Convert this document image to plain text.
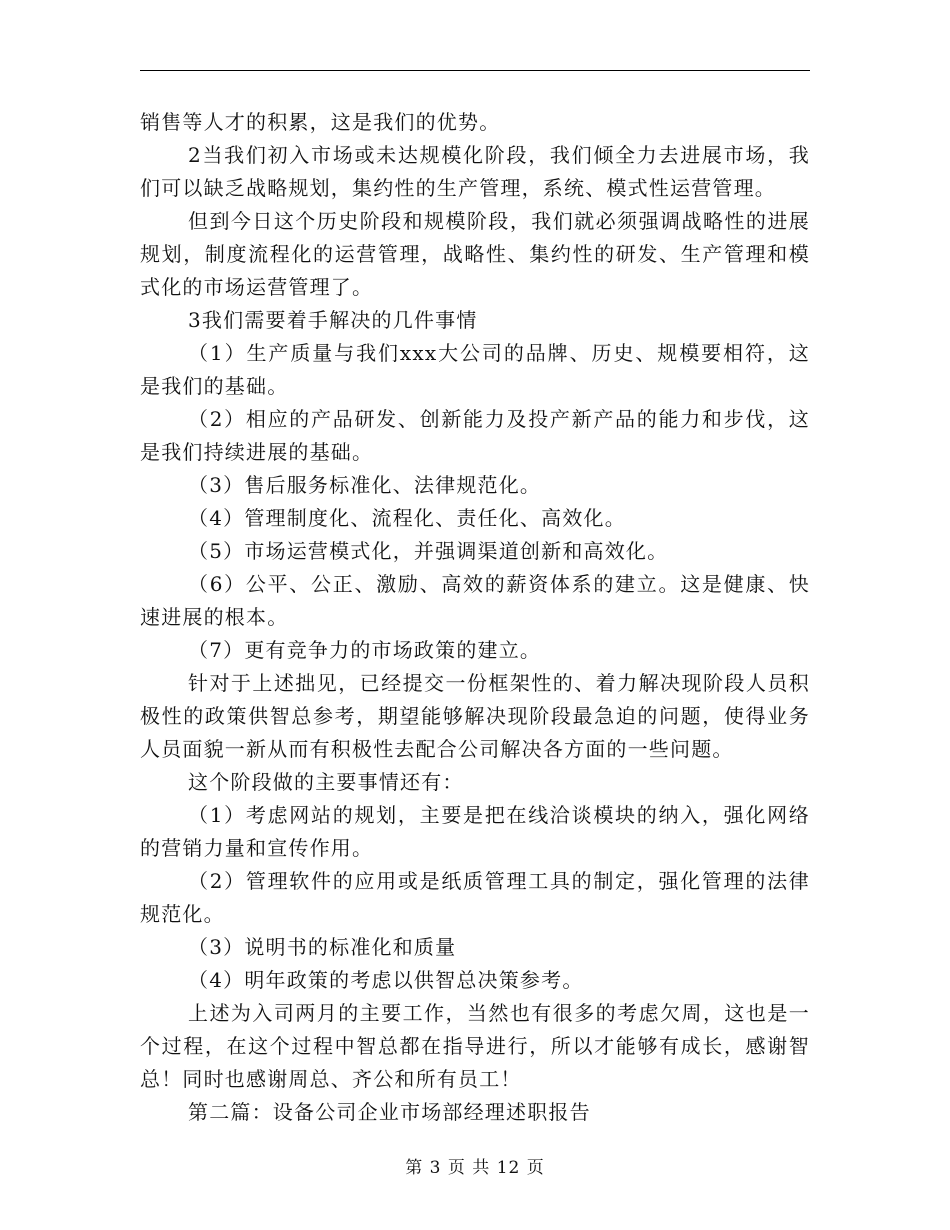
销售等人才的积累，这是我们的优势。

2当我们初入市场或未达规模化阶段，我们倾全力去进展市场，我们可以缺乏战略规划，集约性的生产管理，系统、模式性运营管理。

但到今日这个历史阶段和规模阶段，我们就必须强调战略性的进展规划，制度流程化的运营管理，战略性、集约性的研发、生产管理和模式化的市场运营管理了。

3我们需要着手解决的几件事情

（1）生产质量与我们xxx大公司的品牌、历史、规模要相符，这是我们的基础。

（2）相应的产品研发、创新能力及投产新产品的能力和步伐，这是我们持续进展的基础。

（3）售后服务标准化、法律规范化。

（4）管理制度化、流程化、责任化、高效化。

（5）市场运营模式化，并强调渠道创新和高效化。

（6）公平、公正、激励、高效的薪资体系的建立。这是健康、快速进展的根本。

（7）更有竞争力的市场政策的建立。

针对于上述拙见，已经提交一份框架性的、着力解决现阶段人员积极性的政策供智总参考，期望能够解决现阶段最急迫的问题，使得业务人员面貌一新从而有积极性去配合公司解决各方面的一些问题。

这个阶段做的主要事情还有：

（1）考虑网站的规划，主要是把在线洽谈模块的纳入，强化网络的营销力量和宣传作用。

（2）管理软件的应用或是纸质管理工具的制定，强化管理的法律规范化。

（3）说明书的标准化和质量

（4）明年政策的考虑以供智总决策参考。

上述为入司两月的主要工作，当然也有很多的考虑欠周，这也是一个过程，在这个过程中智总都在指导进行，所以才能够有成长，感谢智总！同时也感谢周总、齐公和所有员工！

第二篇：设备公司企业市场部经理述职报告

第 3 页 共 12 页
